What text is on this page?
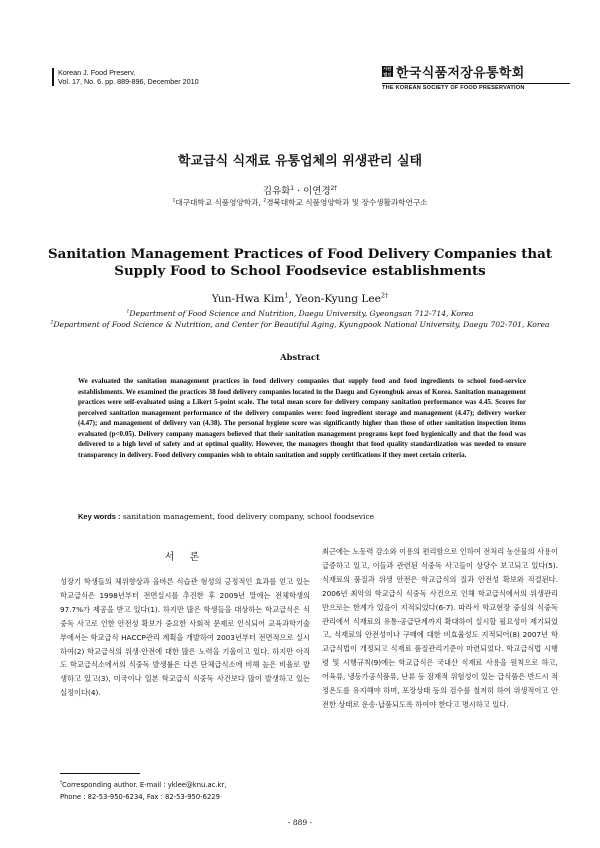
Korean J. Food Preserv.
Vol. 17, No. 6. pp. 889-896, December 2010
사단 법인 한국식품저장유통학회
THE KOREAN SOCIETY OF FOOD PRESERVATION
학교급식 식재료 유통업체의 위생관리 실태
김유화$^1$ · 이연경$^{2\dagger}$
$^1$대구대학교 식품영양학과, $^2$경북대학교 식품영양학과 및 장수생활과학연구소
Sanitation Management Practices of Food Delivery Companies that
Supply Food to School Foodsevice establishments
Yun-Hwa Kim$^1$, Yeon-Kyung Lee$^{2\dagger}$
$^1$Department of Food Science and Nutrition, Daegu University, Gyeongsan 712-714, Korea
$^2$Department of Food Science & Nutrition, and Center for Beautiful Aging, Kyungpook National University, Daegu 702-701, Korea
Abstract
We evaluated the sanitation management practices in food delivery companies that supply food and food ingredients to school food-service establishments. We examined the practices 38 food delivery companies located in the Daegu and Gyeongbuk areas of Korea. Sanitation management practices were self-evaluated using a Likert 5-point scale. The total mean score for delivery company sanitation performance was 4.45. Scores for perceived sanitation management performance of the delivery companies were: food ingredient storage and management (4.47); delivery worker (4.47); and management of delivery van (4.38). The personal hygiene score was significantly higher than those of other sanitation inspection items evaluated (p<0.05). Delivery company managers believed that their sanitation management programs kept food hygienically and that the food was delivered to a high level of safety and at optimal quality. However, the managers thought that food quality standardization was needed to ensure transparency in delivery. Food delivery companies wish to obtain sanitation and supply certifications if they meet certain criteria.
Key words : sanitation management, food delivery company, school foodsevice
서 론
성장기 학생들의 체위향상과 올바른 식습관 형성의 긍정적인 효과를 얻고 있는 학교급식은 1998년부터 전면실시를 추진한 후 2009년 말에는 전체학생의 97.7%가 제공을 받고 있다(1). 하지만 많은 학생들을 대상하는 학교급식은 식중독 사고로 인한 안전성 확보가 중요한 사회적 문제로 인식되어 교육과학기술부에서는 학교급식 HACCP관리 계획을 개발하여 2003년부터 전면적으로 실시하여(2) 학교급식의 위생·안전에 대한 많은 노력을 기울이고 있다. 하지만 아직도 학교급식소에서의 식중독 발생률은 다른 단체급식소에 비해 높은 비율로 발생하고 있고(3), 미국이나 일본 학교급식 식중독 사건보다 많이 발생하고 있는 실정이다(4).
최근에는 노동력 감소와 이용의 편리함으로 인하여 전처리 농산물의 사용이 급증하고 있고, 이들과 관련된 식중독 사고들이 상당수 보고되고 있다(5). 식재료의 품질과 위생 안전은 학교급식의 질과 안전성 확보와 직결된다. 2006년 최악의 학교급식 식중독 사건으로 인해 학교급식에서의 위생관리만으로는 한계가 있음이 지적되었다(6-7). 따라서 학교현장 중심의 식중독 관리에서 식재료의 유통·공급단계까지 확대하여 실시할 필요성이 제기되었고, 식재료의 안전성이나 구매에 대한 비효율성도 지적되어(8) 2007년 학교급식법이 개정되고 식재료 품질관리기준이 마련되었다. 학교급식법 시행령 및 시행규칙(9)에는 학교급식은 국내산 식재료 사용을 원칙으로 하고, 어육류, 냉동가공식품류, 난류 등 잠재적 위험성이 있는 급식품은 반드시 적정온도를 유지해야 하며, 포장상태 등의 검수를 철저히 하여 위생적이고 안전한 상태로 운송·납품되도록 하여야 한다고 명시하고 있다.
†Corresponding author. E-mail : yklee@knu.ac.kr,
Phone : 82-53-950-6234, Fax : 82-53-950-6229
- 889 -
